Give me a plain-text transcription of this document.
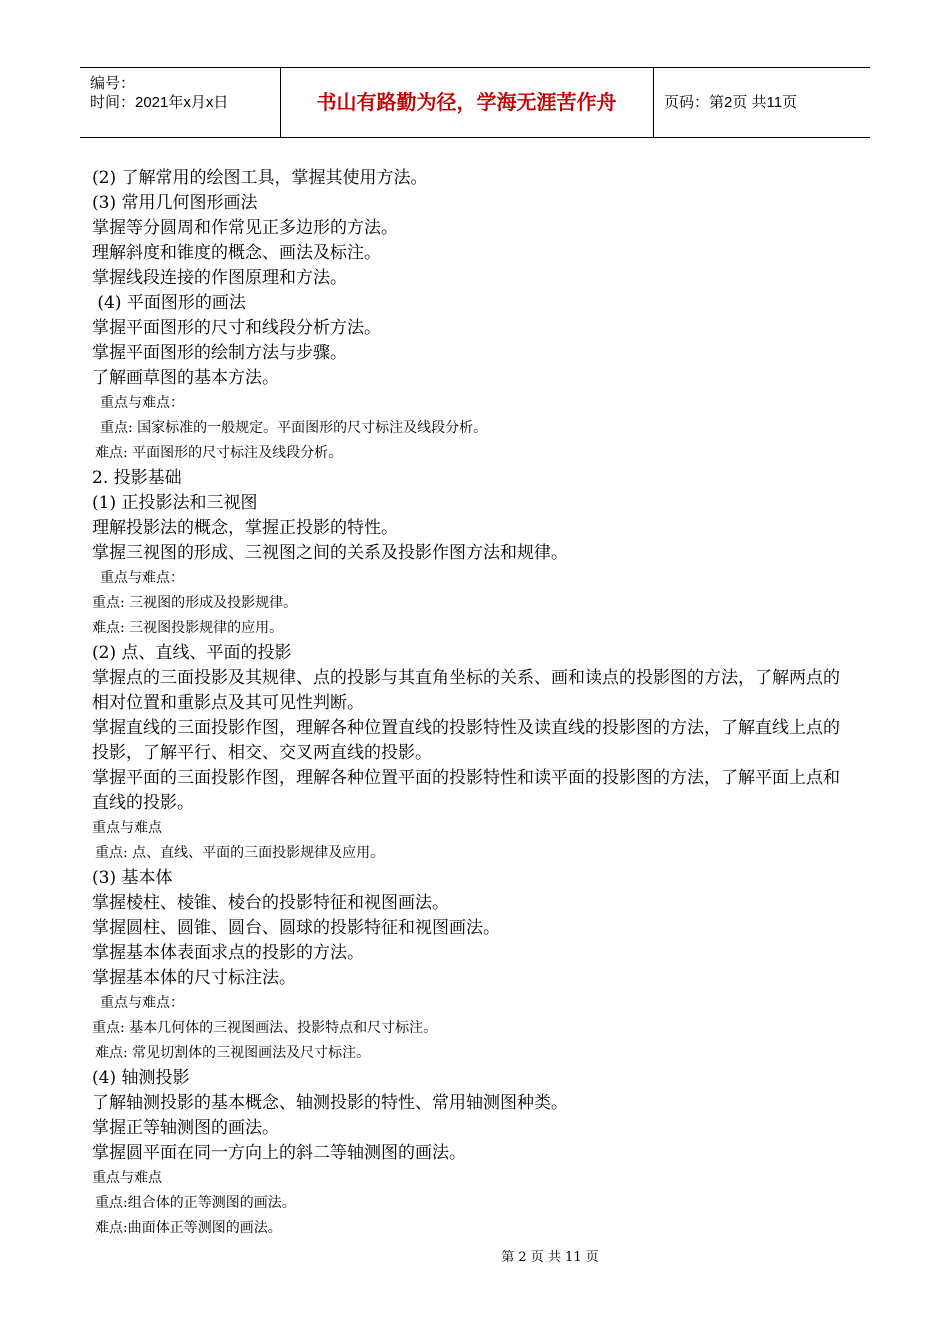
编号：
时间：2021年x月x日	书山有路勤为径，学海无涯苦作舟	页码：第2页 共11页

(2) 了解常用的绘图工具，掌握其使用方法。

(3) 常用几何图形画法

掌握等分圆周和作常见正多边形的方法。

理解斜度和锥度的概念、画法及标注。

掌握线段连接的作图原理和方法。

(4) 平面图形的画法

掌握平面图形的尺寸和线段分析方法。

掌握平面图形的绘制方法与步骤。

了解画草图的基本方法。

重点与难点：

重点: 国家标准的一般规定。平面图形的尺寸标注及线段分析。

难点: 平面图形的尺寸标注及线段分析。

2. 投影基础

(1) 正投影法和三视图

理解投影法的概念，掌握正投影的特性。

掌握三视图的形成、三视图之间的关系及投影作图方法和规律。

重点与难点：

重点: 三视图的形成及投影规律。

难点: 三视图投影规律的应用。

(2) 点、直线、平面的投影

掌握点的三面投影及其规律、点的投影与其直角坐标的关系、画和读点的投影图的方法，了解两点的相对位置和重影点及其可见性判断。

掌握直线的三面投影作图，理解各种位置直线的投影特性及读直线的投影图的方法，了解直线上点的投影，了解平行、相交、交叉两直线的投影。

掌握平面的三面投影作图，理解各种位置平面的投影特性和读平面的投影图的方法，了解平面上点和直线的投影。

重点与难点

重点: 点、直线、平面的三面投影规律及应用。

(3) 基本体

掌握棱柱、棱锥、棱台的投影特征和视图画法。

掌握圆柱、圆锥、圆台、圆球的投影特征和视图画法。

掌握基本体表面求点的投影的方法。

掌握基本体的尺寸标注法。

重点与难点：

重点: 基本几何体的三视图画法、投影特点和尺寸标注。

难点: 常见切割体的三视图画法及尺寸标注。

(4) 轴测投影

了解轴测投影的基本概念、轴测投影的特性、常用轴测图种类。

掌握正等轴测图的画法。

掌握圆平面在同一方向上的斜二等轴测图的画法。

重点与难点

重点:组合体的正等测图的画法。

难点:曲面体正等测图的画法。

第 2 页 共 11 页
